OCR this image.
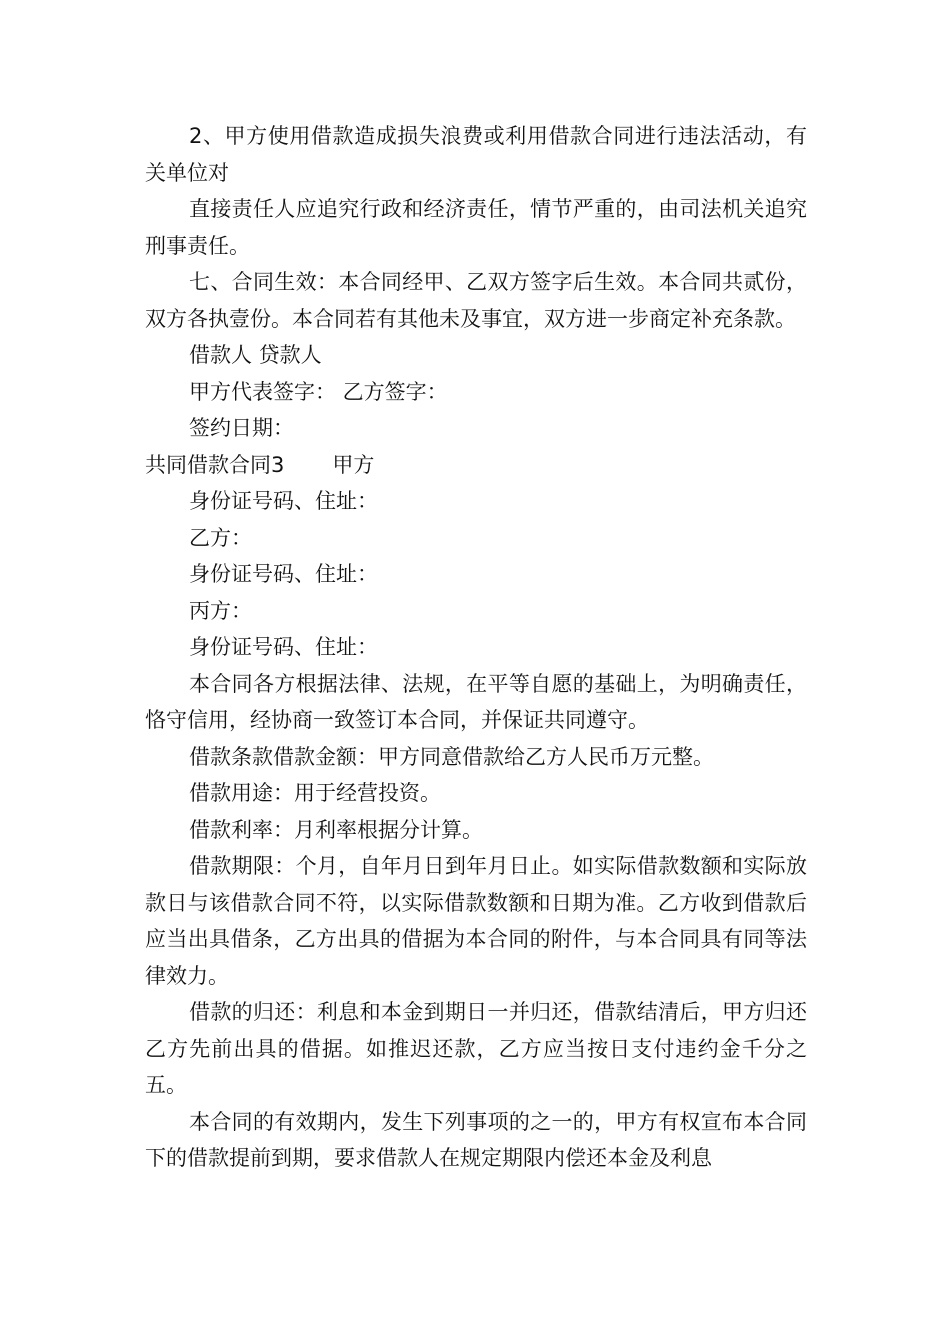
2、甲方使用借款造成损失浪费或利用借款合同进行违法活动，有关单位对

直接责任人应追究行政和经济责任，情节严重的，由司法机关追究刑事责任。

七、合同生效：本合同经甲、乙双方签字后生效。本合同共贰份，双方各执壹份。本合同若有其他未及事宜，双方进一步商定补充条款。

借款人 贷款人

甲方代表签字： 乙方签字：

签约日期：

共同借款合同3 甲方

身份证号码、住址：

乙方：

身份证号码、住址：

丙方：

身份证号码、住址：

本合同各方根据法律、法规，在平等自愿的基础上，为明确责任，恪守信用，经协商一致签订本合同，并保证共同遵守。

借款条款借款金额：甲方同意借款给乙方人民币万元整。

借款用途：用于经营投资。

借款利率：月利率根据分计算。

借款期限：个月，自年月日到年月日止。如实际借款数额和实际放款日与该借款合同不符，以实际借款数额和日期为准。乙方收到借款后应当出具借条，乙方出具的借据为本合同的附件，与本合同具有同等法律效力。

借款的归还：利息和本金到期日一并归还，借款结清后，甲方归还乙方先前出具的借据。如推迟还款，乙方应当按日支付违约金千分之五。

本合同的有效期内，发生下列事项的之一的，甲方有权宣布本合同下的借款提前到期，要求借款人在规定期限内偿还本金及利息
